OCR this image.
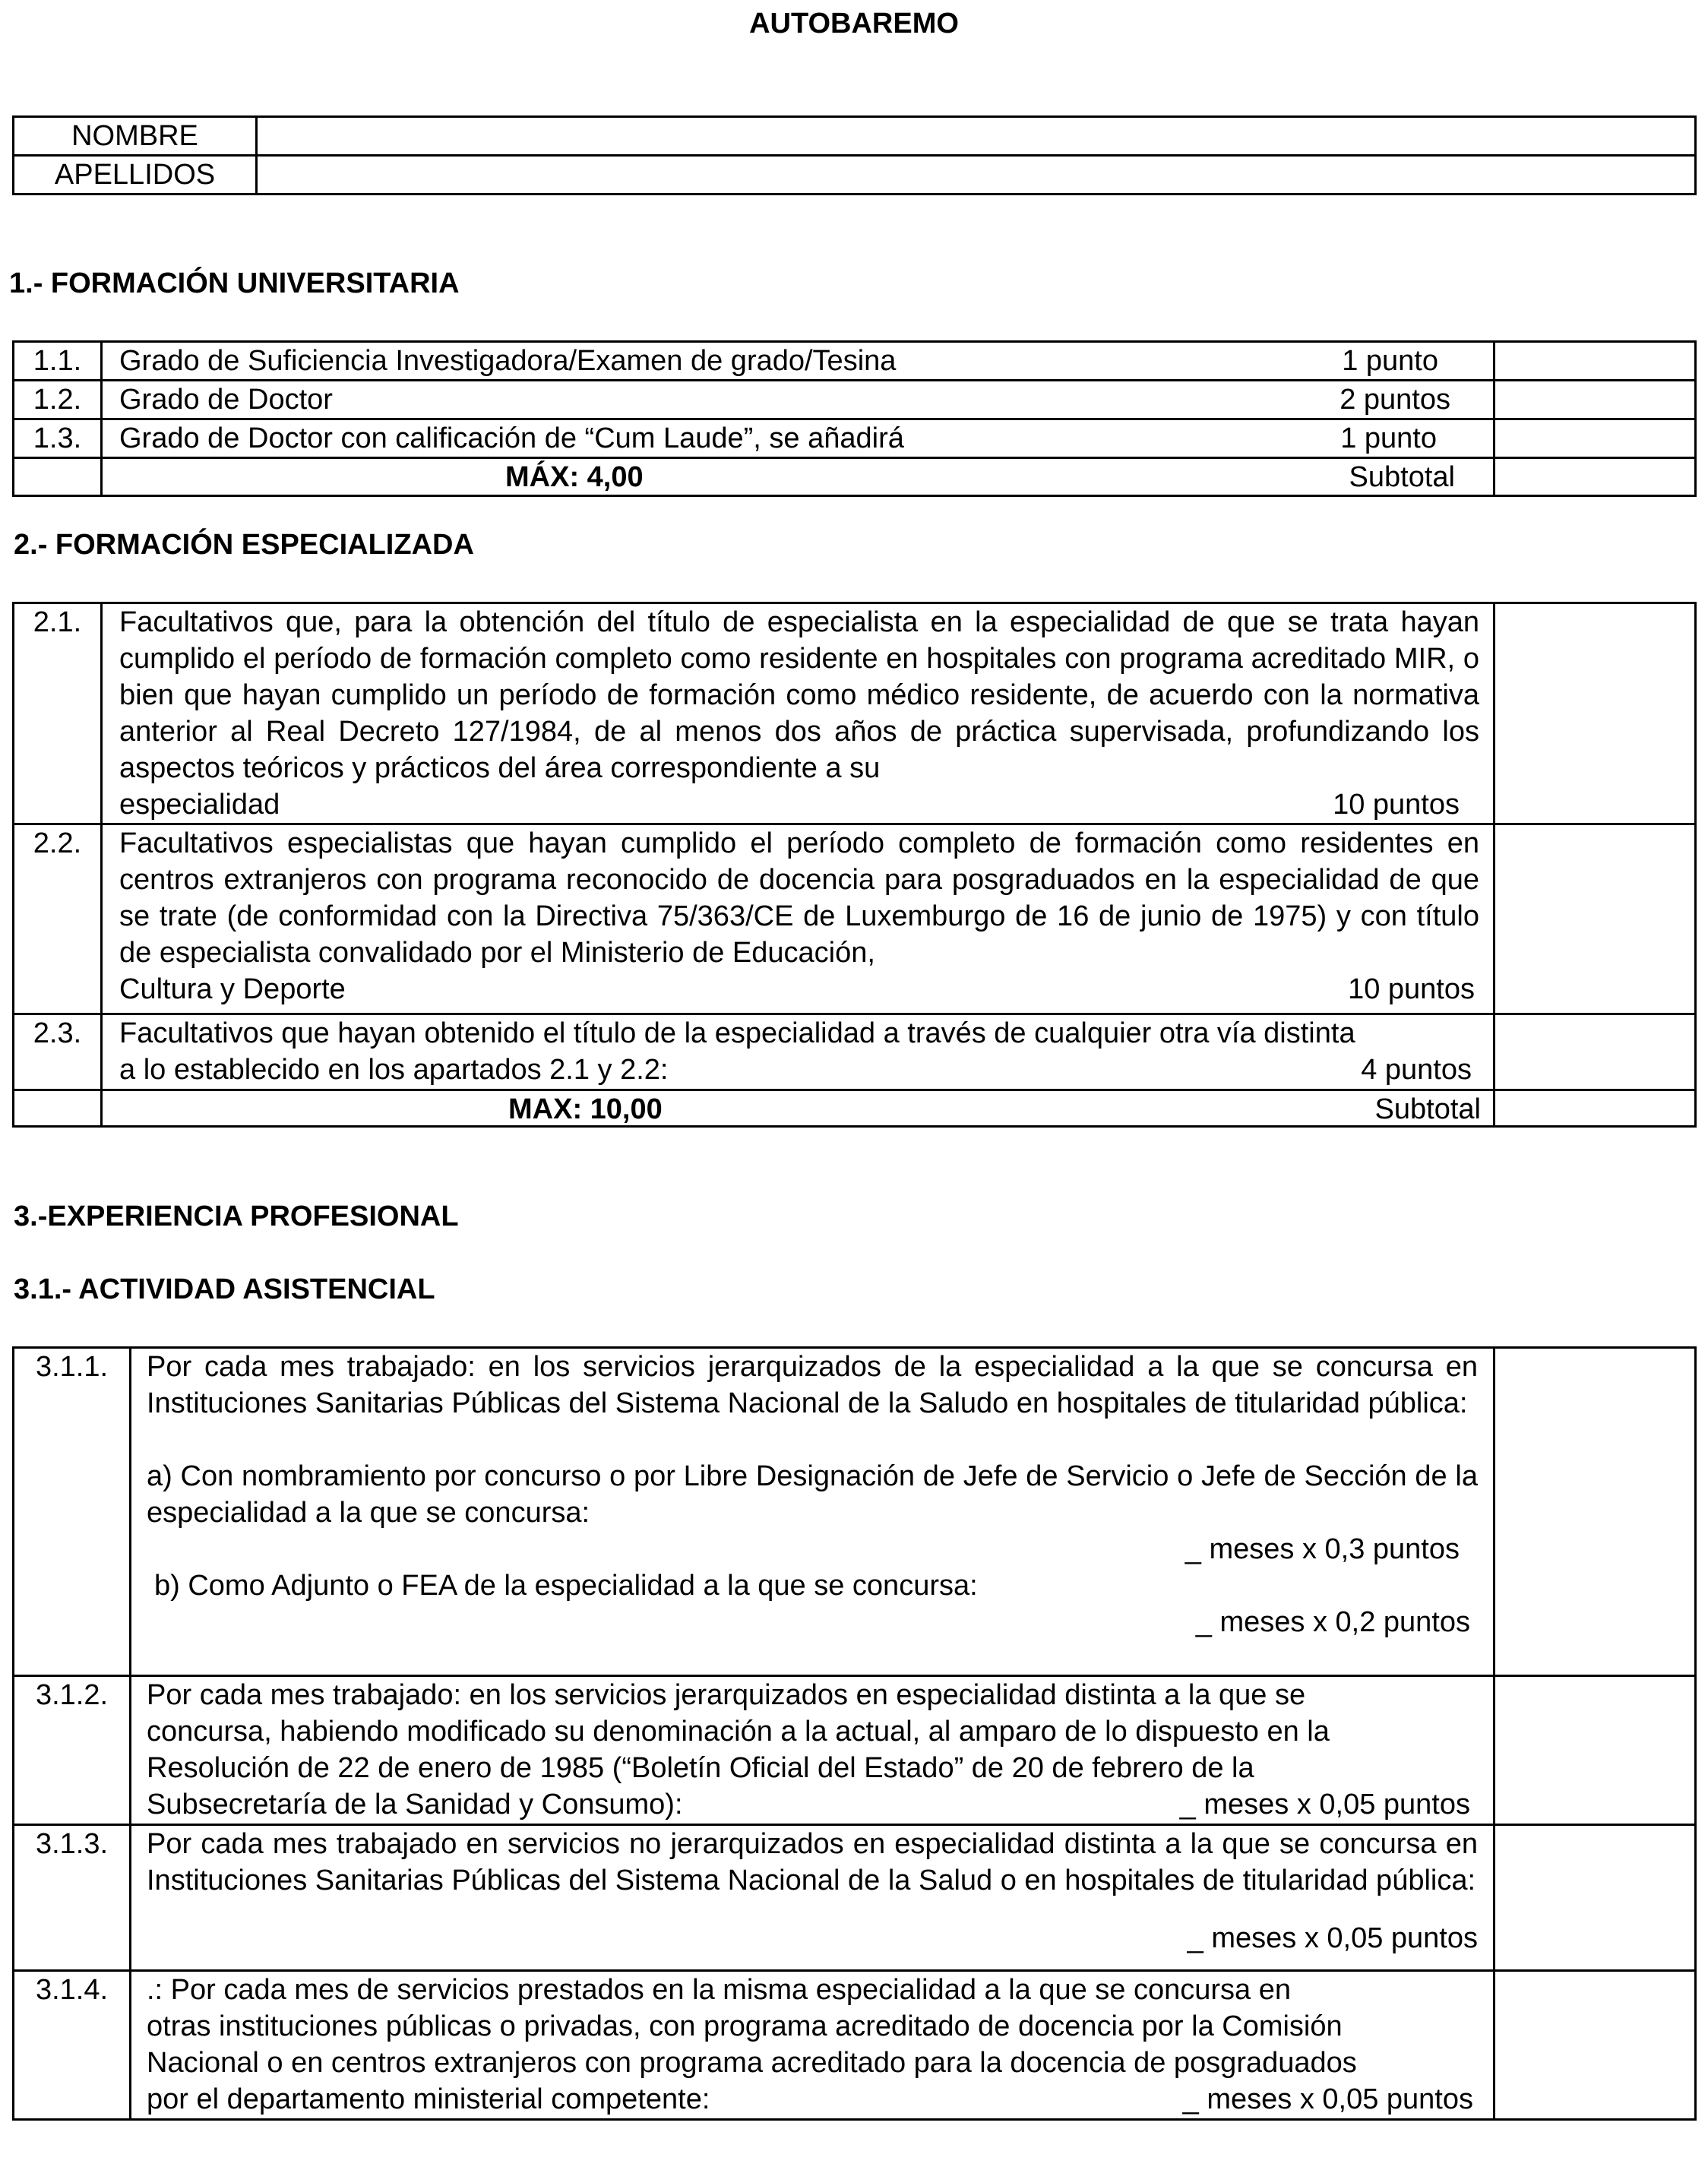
AUTOBAREMO
NOMBRE	
APELLIDOS	
1.- FORMACIÓN UNIVERSITARIA
1.1.	Grado de Suficiencia Investigadora/Examen de grado/Tesina 1 punto	

1.2.	Grado de Doctor 2 puntos	

1.3.	Grado de Doctor con calificación de “Cum Laude”, se añadirá 1 punto	

	MÁX: 4,00 Subtotal	

2.- FORMACIÓN ESPECIALIZADA
2.1.	Facultativos que, para la obtención del título de especialista en la especialidad de que se trata hayan cumplido el período de formación completo como residente en hospitales con programa acreditado MIR, o bien que hayan cumplido un período de formación como médico residente, de acuerdo con la normativa anterior al Real Decreto 127/1984, de al menos dos años de práctica supervisada, profundizando los aspectos teóricos y prácticos del área correspondiente a su
especialidad 10 puntos	

2.2.	Facultativos especialistas que hayan cumplido el período completo de formación como residentes en centros extranjeros con programa reconocido de docencia para posgraduados en la especialidad de que se trate (de conformidad con la Directiva 75/363/CE de Luxemburgo de 16 de junio de 1975) y con título de especialista convalidado por el Ministerio de Educación,
Cultura y Deporte 10 puntos	

2.3.	Facultativos que hayan obtenido el título de la especialidad a través de cualquier otra vía distinta
a lo establecido en los apartados 2.1 y 2.2: 4 puntos	

	MAX: 10,00 Subtotal	

3.-EXPERIENCIA PROFESIONAL
3.1.- ACTIVIDAD ASISTENCIAL
3.1.1.	Por cada mes trabajado: en los servicios jerarquizados de la especialidad a la que se concursa en Instituciones Sanitarias Públicas del Sistema Nacional de la Saludo en hospitales de titularidad pública:
a) Con nombramiento por concurso o por Libre Designación de Jefe de Servicio o Jefe de Sección de la especialidad a la que se concursa:
_ meses x 0,3 puntos
b) Como Adjunto o FEA de la especialidad a la que se concursa:
_ meses x 0,2 puntos	

3.1.2.	Por cada mes trabajado: en los servicios jerarquizados en especialidad distinta a la que se
concursa, habiendo modificado su denominación a la actual, al amparo de lo dispuesto en la
Resolución de 22 de enero de 1985 (“Boletín Oficial del Estado” de 20 de febrero de la
Subsecretaría de la Sanidad y Consumo): _ meses x 0,05 puntos	

3.1.3.	Por cada mes trabajado en servicios no jerarquizados en especialidad distinta a la que se concursa en Instituciones Sanitarias Públicas del Sistema Nacional de la Salud o en hospitales de titularidad pública:
_ meses x 0,05 puntos	

3.1.4.	.: Por cada mes de servicios prestados en la misma especialidad a la que se concursa en
otras instituciones públicas o privadas, con programa acreditado de docencia por la Comisión
Nacional o en centros extranjeros con programa acreditado para la docencia de posgraduados
por el departamento ministerial competente: _ meses x 0,05 puntos	
